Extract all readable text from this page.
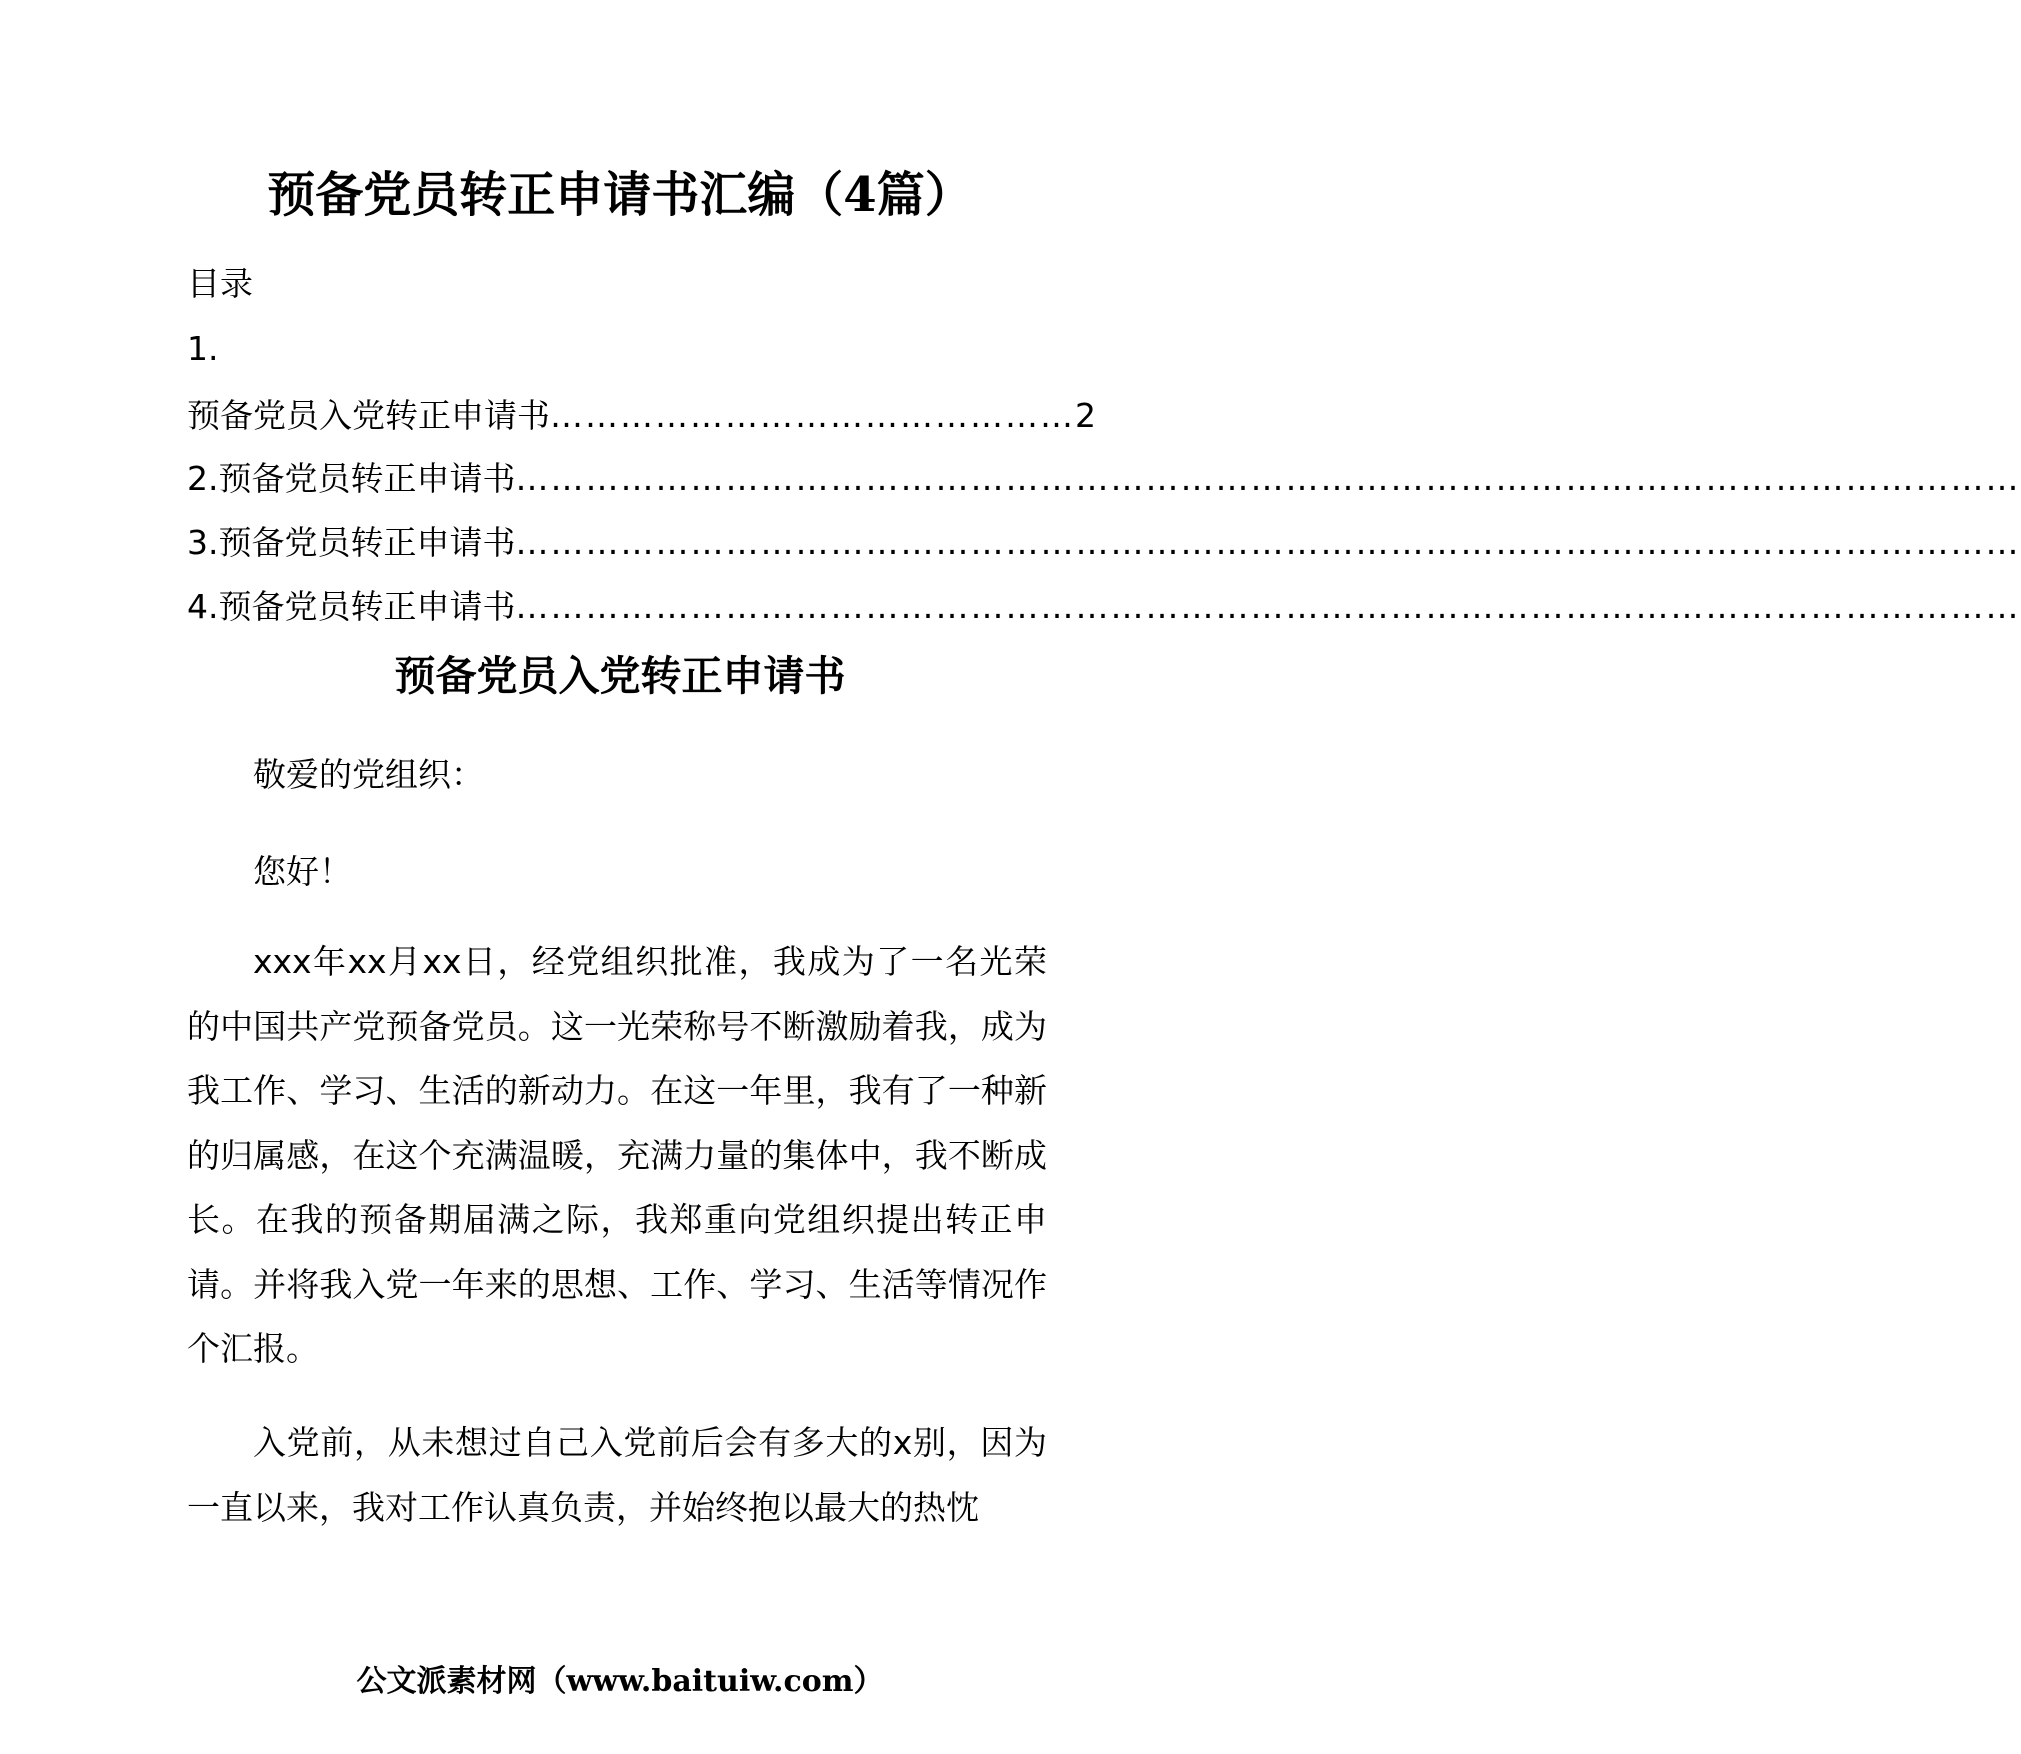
预备党员转正申请书汇编（4篇）
目录
1.
预备党员入党转正申请书………………………………………2
2.预备党员转正申请书…………………………………………………………………………………………………………………
3.预备党员转正申请书…………………………………………………………………………………………………………………
4.预备党员转正申请书…………………………………………………………………………………………………………………
预备党员入党转正申请书

敬爱的党组织：

您好！

xxx年xx月xx日，经党组织批准，我成为了一名光荣的中国共产党预备党员。这一光荣称号不断激励着我，成为我工作、学习、生活的新动力。在这一年里，我有了一种新的归属感，在这个充满温暖，充满力量的集体中，我不断成长。在我的预备期届满之际，我郑重向党组织提出转正申请。并将我入党一年来的思想、工作、学习、生活等情况作个汇报。

入党前，从未想过自己入党前后会有多大的x别，因为一直以来，我对工作认真负责，并始终抱以最大的热忱

公文派素材网（www.baituiw.com）
